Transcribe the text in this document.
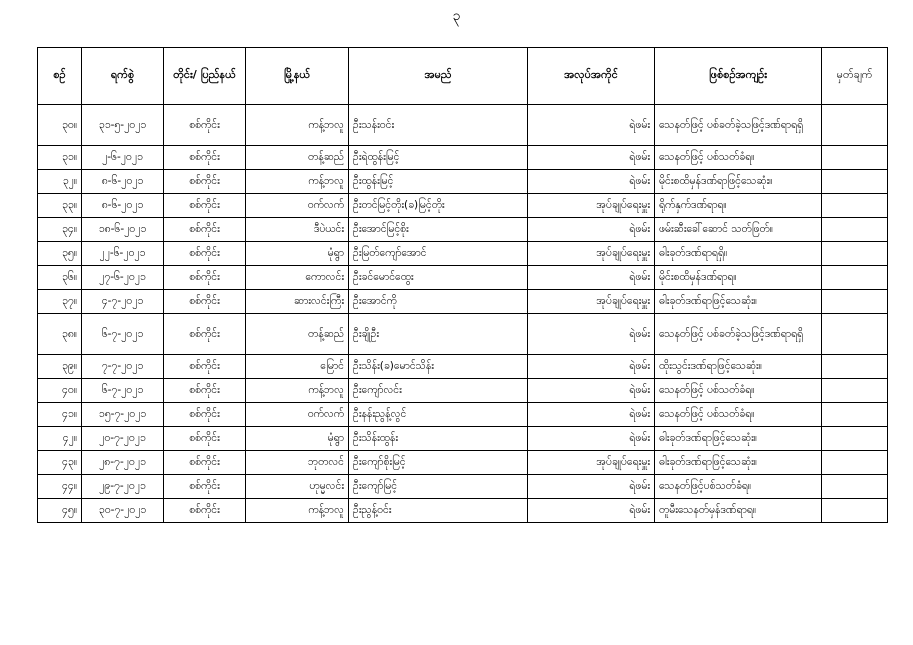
၃
စဉ်	ရက်စွဲ	တိုင်း/ ပြည်နယ်	မြို့နယ်	အမည်	အလုပ်အကိုင်	ဖြစ်စဉ်အကျဉ်း	မှတ်ချက်
၃၀။	၃၁-၅-၂၀၂၁	စစ်ကိုင်း	ကန့်ဘလူ	ဦးသန်းဝင်း	ရဲဖမ်း	သေနတ်ဖြင့် ပစ်ခတ်ခဲ့သဖြင့်ဒဏ်ရာရရှိ	
၃၁။	၂-၆-၂၀၂၁	စစ်ကိုင်း	တန့်ဆည်	ဦးရဲထွန်းမြင့်	ရဲဖမ်း	သေနတ်ဖြင့် ပစ်သတ်ခံရ။	
၃၂။	၈-၆-၂၀၂၁	စစ်ကိုင်း	ကန့်ဘလူ	ဦးထွန်းမြင့်	ရဲဖမ်း	မိုင်းစထိမှန်ဒဏ်ရာဖြင့်သေဆုံး။	
၃၃။	၈-၆-၂၀၂၁	စစ်ကိုင်း	ဝက်လက်	ဦးတင်မြင့်တိုး(ခ)မြင့်တိုး	အုပ်ချုပ်ရေးမှူး	ရိုက်နှက်ဒဏ်ရာရ။	
၃၄။	၁၈-၆-၂၀၂၁	စစ်ကိုင်း	ဒီပဲယင်း	ဦးအောင်မြင့်စိုး	ရဲဖမ်း	ဖမ်းဆီးခေါ်ဆောင် သတ်ဖြတ်။	
၃၅။	၂၂-၆-၂၀၂၁	စစ်ကိုင်း	မုံရွာ	ဦးမြတ်ကျော်အောင်	အုပ်ချုပ်ရေးမှူး	ဓါးခုတ်ဒဏ်ရာရရှိ။	
၃၆။	၂၇-၆-၂၀၂၁	စစ်ကိုင်း	ကောလင်း	ဦးခင်မောင်ထွေး	ရဲဖမ်း	မိုင်းစထိမှန်ဒဏ်ရာရ။	
၃၇။	၄-၇-၂၀၂၁	စစ်ကိုင်း	ဆားလင်းကြီး	ဦးအောင်ကို	အုပ်ချုပ်ရေးမှူး	ဓါးခုတ်ဒဏ်ရာဖြင့်သေဆုံး။	
၃၈။	၆-၇-၂၀၂၁	စစ်ကိုင်း	တန့်ဆည်	ဦးချိုဦး	ရဲဖမ်း	သေနတ်ဖြင့် ပစ်ခတ်ခဲ့သဖြင့်ဒဏ်ရာရရှိ	
၃၉။	၇-၇-၂၀၂၁	စစ်ကိုင်း	မြောင်	ဦးသိန်း(ခ)မောင်သိန်း	ရဲဖမ်း	ထိုးသွင်းဒဏ်ရာဖြင့်သေဆုံး။	
၄၀။	၆-၇-၂၀၂၁	စစ်ကိုင်း	ကန့်ဘလူ	ဦးကျော်လင်း	ရဲဖမ်း	သေနတ်ဖြင့် ပစ်သတ်ခံရ။	
၄၁။	၁၅-၇-၂၀၂၁	စစ်ကိုင်း	ဝက်လက်	ဦးနန်းညွန့်လွင်	ရဲဖမ်း	သေနတ်ဖြင့် ပစ်သတ်ခံရ။	
၄၂။	၂၀-၇-၂၀၂၁	စစ်ကိုင်း	မုံရွာ	ဦးသိန်းထွန်း	ရဲဖမ်း	ဓါးခုတ်ဒဏ်ရာဖြင့်သေဆုံး။	
၄၃။	၂၈-၇-၂၀၂၁	စစ်ကိုင်း	ဘုတလင်	ဦးကျော်စိုးမြင့်	အုပ်ချုပ်ရေးမှူး	ဓါးခုတ်ဒဏ်ရာဖြင့်သေဆုံး။	
၄၄။	၂၉-၇-၂၀၂၁	စစ်ကိုင်း	ဟုမ္မလင်း	ဦးကျော်မြင့်	ရဲဖမ်း	သေနတ်ဖြင့်ပစ်သတ်ခံရ။	
၄၅။	၃၀-၇-၂၀၂၁	စစ်ကိုင်း	ကန့်ဘလူ	ဦးညွန့်ဝင်း	ရဲဖမ်း	တူမီးသေနတ်မှန်ဒဏ်ရာရ။	
